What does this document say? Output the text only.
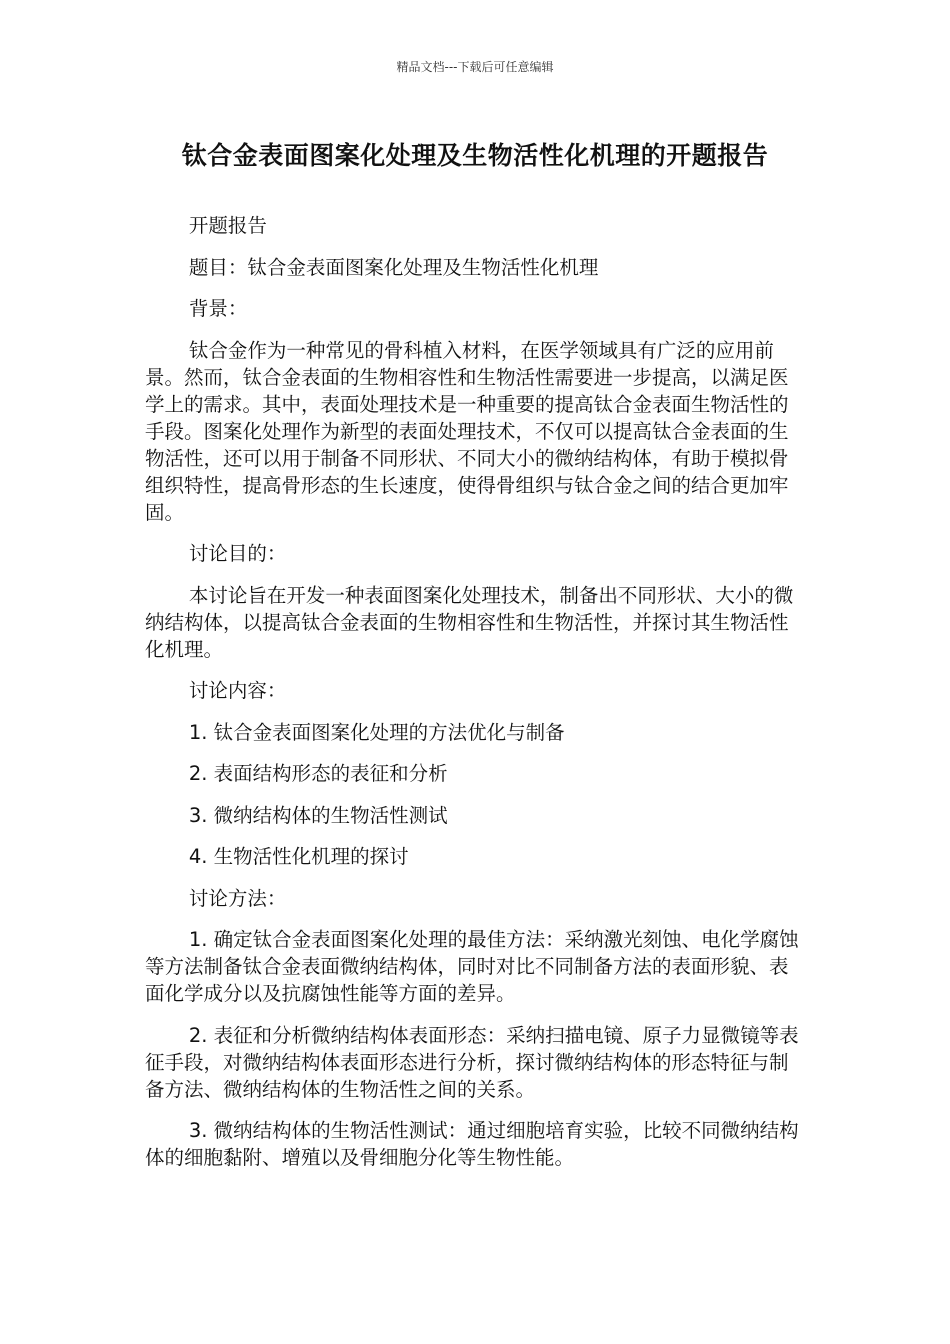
精品文档---下载后可任意编辑
钛合金表面图案化处理及生物活性化机理的开题报告

开题报告

题目：钛合金表面图案化处理及生物活性化机理

背景：

钛合金作为一种常见的骨科植入材料，在医学领域具有广泛的应用前景。然而，钛合金表面的生物相容性和生物活性需要进一步提高，以满足医学上的需求。其中，表面处理技术是一种重要的提高钛合金表面生物活性的手段。图案化处理作为新型的表面处理技术，不仅可以提高钛合金表面的生物活性，还可以用于制备不同形状、不同大小的微纳结构体，有助于模拟骨组织特性，提高骨形态的生长速度，使得骨组织与钛合金之间的结合更加牢固。

讨论目的：

本讨论旨在开发一种表面图案化处理技术，制备出不同形状、大小的微纳结构体，以提高钛合金表面的生物相容性和生物活性，并探讨其生物活性化机理。

讨论内容：

1. 钛合金表面图案化处理的方法优化与制备

2. 表面结构形态的表征和分析

3. 微纳结构体的生物活性测试

4. 生物活性化机理的探讨

讨论方法：

1. 确定钛合金表面图案化处理的最佳方法：采纳激光刻蚀、电化学腐蚀等方法制备钛合金表面微纳结构体，同时对比不同制备方法的表面形貌、表面化学成分以及抗腐蚀性能等方面的差异。

2. 表征和分析微纳结构体表面形态：采纳扫描电镜、原子力显微镜等表征手段，对微纳结构体表面形态进行分析，探讨微纳结构体的形态特征与制备方法、微纳结构体的生物活性之间的关系。

3. 微纳结构体的生物活性测试：通过细胞培育实验，比较不同微纳结构体的细胞黏附、增殖以及骨细胞分化等生物性能。
